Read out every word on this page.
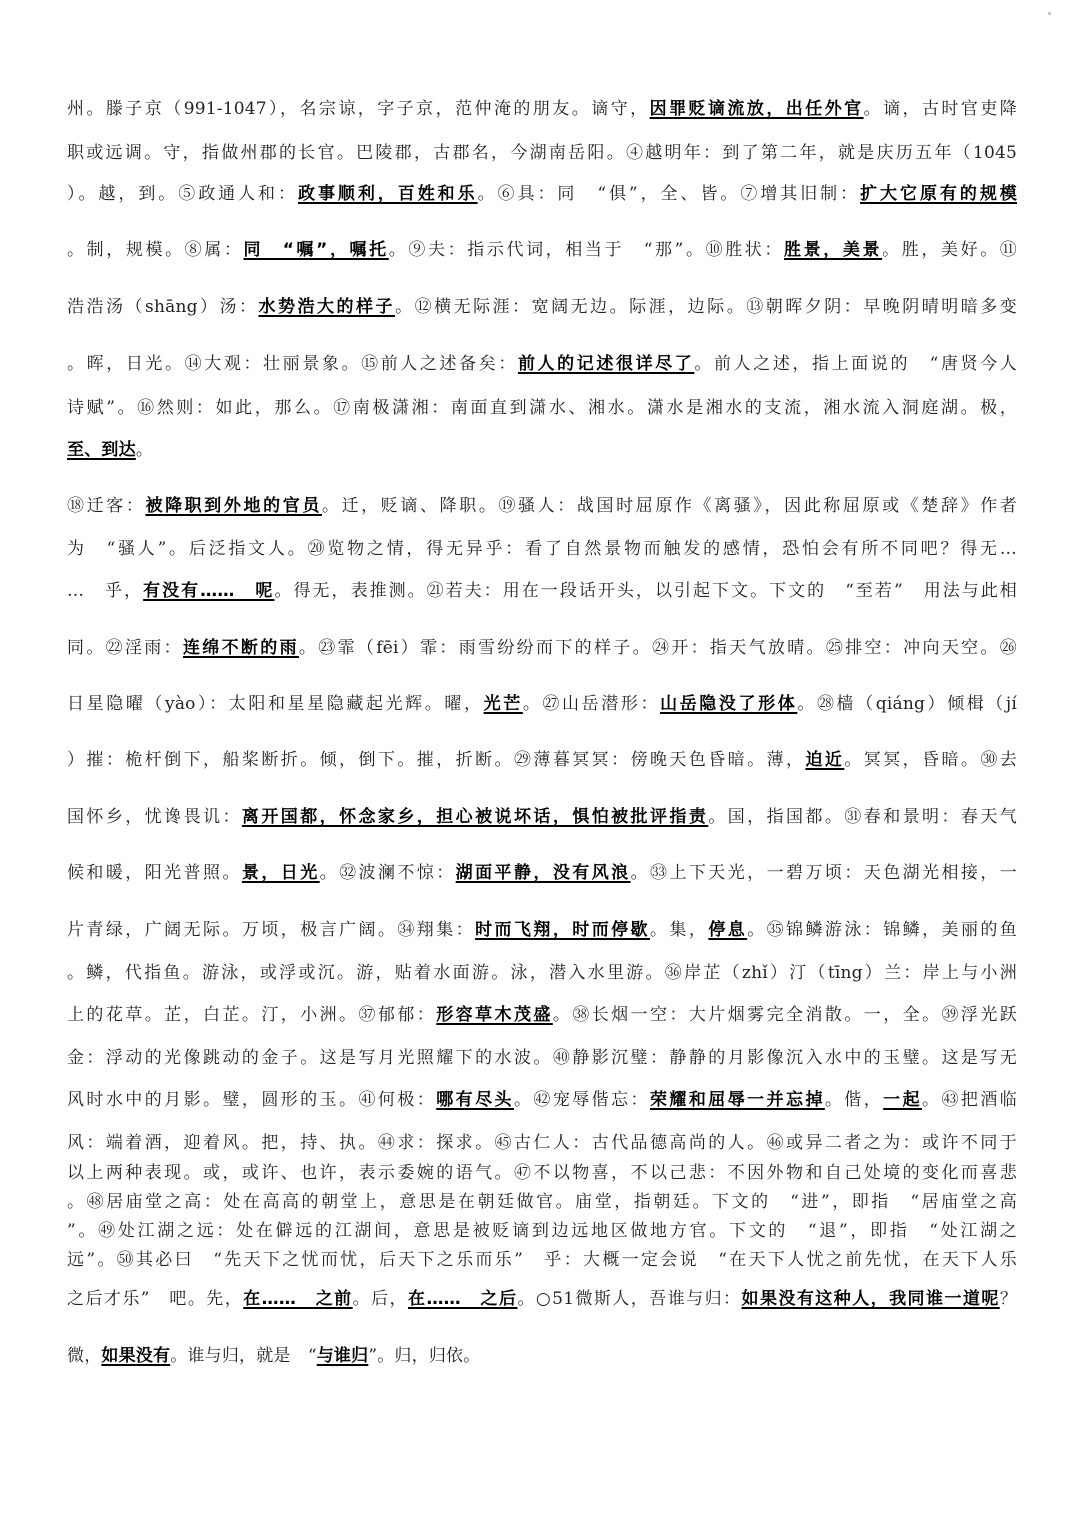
州。滕子京（991-1047），名宗谅，字子京，范仲淹的朋友。谪守，因罪贬谪流放，出任外官。谪，古时官吏降
职或远调。守，指做州郡的长官。巴陵郡，古郡名，今湖南岳阳。④越明年：到了第二年，就是庆历五年（1045
）。越，到。⑤政通人和：政事顺利，百姓和乐。⑥具：同　“俱”，全、皆。⑦增其旧制：扩大它原有的规模
。制，规模。⑧属：同　“嘱”，嘱托。⑨夫：指示代词，相当于　“那”。⑩胜状：胜景，美景。胜，美好。⑪
浩浩汤（shāng）汤：水势浩大的样子。⑫横无际涯：宽阔无边。际涯，边际。⑬朝晖夕阴：早晚阴晴明暗多变
。晖，日光。⑭大观：壮丽景象。⑮前人之述备矣：前人的记述很详尽了。前人之述，指上面说的　“唐贤今人
诗赋”。⑯然则：如此，那么。⑰南极潇湘：南面直到潇水、湘水。潇水是湘水的支流，湘水流入洞庭湖。极，
至、到达。
⑱迁客：被降职到外地的官员。迁，贬谪、降职。⑲骚人：战国时屈原作《离骚》，因此称屈原或《楚辞》作者
为　“骚人”。后泛指文人。⑳览物之情，得无异乎：看了自然景物而触发的感情，恐怕会有所不同吧？得无…
…　乎，有没有……　呢。得无，表推测。㉑若夫：用在一段话开头，以引起下文。下文的　“至若”　用法与此相
同。㉒淫雨：连绵不断的雨。㉓霏（fēi）霏：雨雪纷纷而下的样子。㉔开：指天气放晴。㉕排空：冲向天空。㉖
日星隐曜（yào）：太阳和星星隐藏起光辉。曜，光芒。㉗山岳潜形：山岳隐没了形体。㉘樯（qiáng）倾楫（jí
）摧：桅杆倒下，船桨断折。倾，倒下。摧，折断。㉙薄暮冥冥：傍晚天色昏暗。薄，迫近。冥冥，昏暗。㉚去
国怀乡，忧谗畏讥：离开国都，怀念家乡，担心被说坏话，惧怕被批评指责。国，指国都。㉛春和景明：春天气
候和暖，阳光普照。景，日光。㉜波澜不惊：湖面平静，没有风浪。㉝上下天光，一碧万顷：天色湖光相接，一
片青绿，广阔无际。万顷，极言广阔。㉞翔集：时而飞翔，时而停歇。集，停息。㉟锦鳞游泳：锦鳞，美丽的鱼
。鳞，代指鱼。游泳，或浮或沉。游，贴着水面游。泳，潜入水里游。㊱岸芷（zhǐ）汀（tīng）兰：岸上与小洲
上的花草。芷，白芷。汀，小洲。㊲郁郁：形容草木茂盛。㊳长烟一空：大片烟雾完全消散。一，全。㊴浮光跃
金：浮动的光像跳动的金子。这是写月光照耀下的水波。㊵静影沉璧：静静的月影像沉入水中的玉璧。这是写无
风时水中的月影。璧，圆形的玉。㊶何极：哪有尽头。㊷宠辱偕忘：荣耀和屈辱一并忘掉。偕，一起。㊸把酒临
风：端着酒，迎着风。把，持、执。㊹求：探求。㊺古仁人：古代品德高尚的人。㊻或异二者之为：或许不同于
以上两种表现。或，或许、也许，表示委婉的语气。㊼不以物喜，不以己悲：不因外物和自己处境的变化而喜悲
。㊽居庙堂之高：处在高高的朝堂上，意思是在朝廷做官。庙堂，指朝廷。下文的　“进”，即指　“居庙堂之高
”。㊾处江湖之远：处在僻远的江湖间，意思是被贬谪到边远地区做地方官。下文的　“退”，即指　“处江湖之
远”。㊿其必曰　“先天下之忧而忧，后天下之乐而乐”　乎：大概一定会说　“在天下人忧之前先忧，在天下人乐
之后才乐”　吧。先，在……　之前。后，在……　之后。○51微斯人，吾谁与归：如果没有这种人，我同谁一道呢？
微，如果没有。谁与归，就是　“与谁归”。归，归依。
